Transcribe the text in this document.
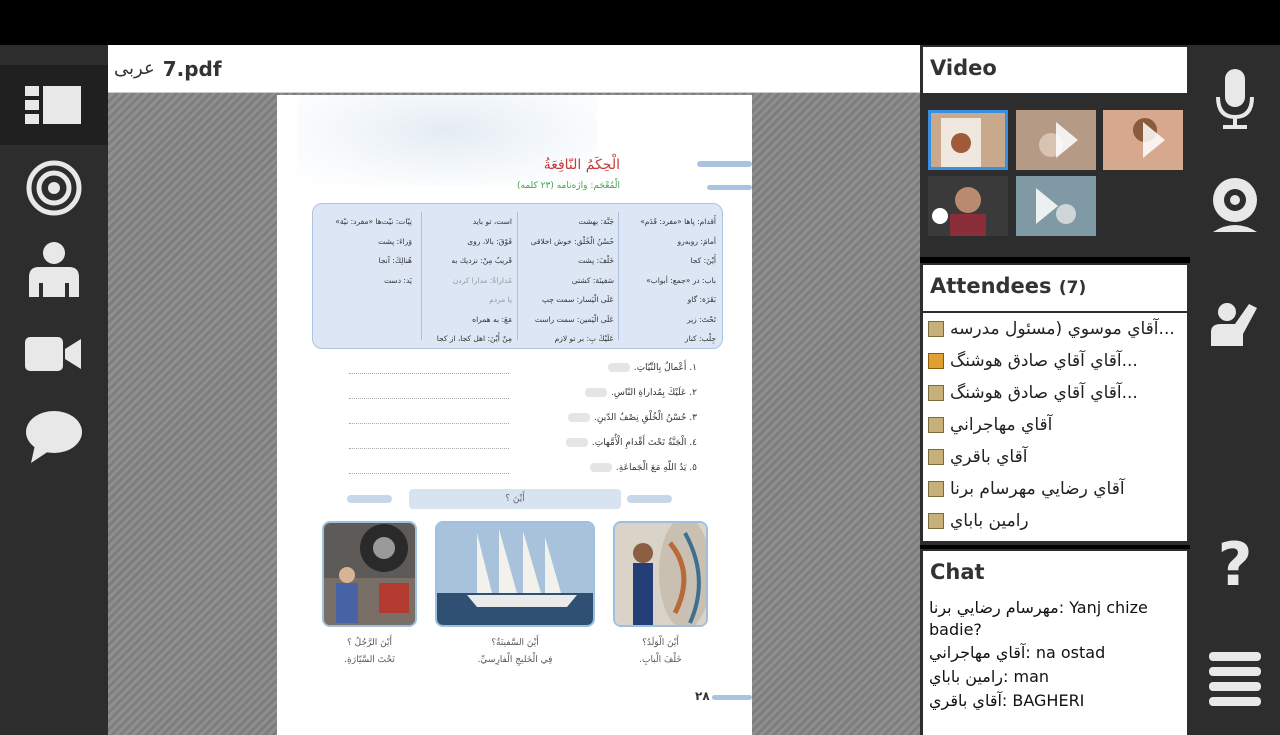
عربی 7.pdf
الْحِكَمُ النّافِعَةُ
الْمُعْجَم: واژه‌نامه (٢٣ كلمه)
أَقدام: پاها «مفرد: قَدَم»
أمامَ: روبه‌رو
أَيْنَ: كجا
باب: در «جمع: أبواب»
بَقَرَة: گاو
تَحْتَ: زير
جِلْب: كنار
جَنَّة: بهشت
حُسْنُ الْخُلْق: خوش اخلاقی
خَلْفَ: پشت
سَفينَة: كشتی
عَلَى الْيَسار: سمت چپ
عَلَى الْيَمين: سمت راست
عَلَيْكَ بِ: بر تو لازم
است، تو بايد
فَوْقَ: بالا، روی
قَريبٌ مِنْ: نزديك به
مُداراةٌ: مدارا كردن
يا مردم
مَعَ: به همراه
مِنْ أَيْنَ: اهل كجا، از كجا
نِيّات: نيّت‌ها «مفرد: نيّة»
وَراءَ: پشت
هُنالِكَ: آنجا
يَد: دست
١. أَعْمالُ بِالنِّيّاتِ.
٢. عَلَيْكَ بِمُداراةِ النّاسِ.
٣. حُسْنُ الْخُلْقِ نِصْفُ الدّينِ.
٤. الْجَنَّةُ تَحْتَ أَقْدامِ الْأُمَّهاتِ.
٥. يَدُ اللّهِ مَعَ الْجَماعَةِ.
أَيْنَ ؟
أَيْنَ الرَّجُلُ ؟
تَحْتَ السَّيّارَةِ.
أَيْنَ السَّفينَةُ؟
فِي الْخَليجِ الْفارِسيِّ.
أَيْنَ الْوَلَدُ؟
خَلْفَ الْبابِ.
٢٨
Video
Attendees (7)
آقاي موسوي (مسئول مدرسه...
آقاي آقاي صادق هوشنگ...
آقاي آقاي صادق هوشنگ...
آقاي مهاجراني
آقاي باقري
آقاي رضايي مهرسام برنا
رامين باباي
Chat
مهرسام رضايي برنا: Yanj chize badie?
آقاي مهاجراني: na ostad
رامين باباي: man
آقاي باقري: BAGHERI
?
